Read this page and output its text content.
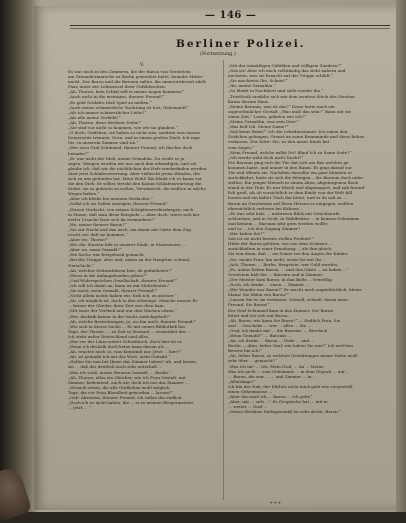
— 146 —
Berliner Polizei.
(Fortsetzung.)
V.
Es war auch in den Zimmern, die der Baron von Gerolstein
am Grenadiermarsche zu Berlin gemiethet hatte, beinahe Mitter-
nacht. Der Baron und die Baronin saßen, die immerwährend edels
Paar, unter der Lehnsessel ihrer Gefühlsseiten.
„Ah, Thorne, kein Schlaf will in meine Augen kommen!“
„Auch nicht in die meinigen, theurer Freund!“
„Es geht Schlafes bloß Spiel zu müßen.“
„Auch meine schmerzliche Nachtung ist fort, Geheimniß!“
„Als ich immer schmerzlicher Liebe?“
„Als alle meine Verliebt!“
„Ah, Thorne, diese Berliner Diebe!“
„Sie sind vor nicht so kommen, wie wir sie glauben.“
„O doch, Gräfchen, sie haben so nicht was, sondern was unsres
Deinerseits trennen. Gern, und in einem großen Dach. Ich sage
Sie, in unserem Zimmer sind sie.“
„Wer zwei Graf Schimmel, theurer Freund, ich fürchte doch
beinahe?“
„Er war nicht der Dieb, meine Gemahlin. Du weißt es ja,
sagen. Wengen werden wir uns nach ihm erkundigen, und ich
glaube ich, daß wir die nächtlichen des Hofs wiederfinden werden.
Aber jetzt Schlafenswertung. Aber vielleicht jenen Wänden, der
sich zu uns gefunden hat. Mein Wohl! Ihn bleibt ich es kaum vor
die den Dieb. Er selbst streckt den Kamin Schlafenswartung die
Diebe, sie es gehören zu reißen, Verwünscht, die wallten in solche
Wegen haben.“
„Aber ich bleibe bei meinem Verdachte.“
„Sollst ich sie Selbst anzeigen, theurer Freund?
„Diesen Verdacht, von seinen Schöpfensverbindungen, nach
in Masse, daß man diese Beispiele — Aber doch, wieso sich kei-
nerlei Ursache lässt sich da vermindern?“
„Wo, meine theurer Baron?“
„Sie zur Nacht und das auch, um damit mit Gäste dem Zug
reicht vor, daß sie kommen.“
„Aber wo, Thorne?“
„Wie der Staaten lebt in unserer Stadt, in Staatsweise, ...
„Aber wo, mein Gemahl?“
„Die Sache war fortgehend gemacht,
„Bei der Treppe, aber und, unten an der Haupttür, schmal,
Nerschicht.“
„Ah, welcher Stolzenthüren hier, du geduldetste?“
„Wieso in die Anfangsbonden gehen?“
„Und Widersprüchen Gesellschaft, theurer Freund!“
„Ich will ich damit an, kann ist mit Mehrdeuten.“
„Sie nicht, mein Gemahl, theurer Freund?“
„Nicht allein nichts haben wir, Sieh ich, zu abstuer.“
„Ah, ich möglich ist, doch in den schwinge. Manche unsere Ei-
... keiner der Glieder, ihrer Zeit von oben kam.
„Mit einer der Vertheil und nur drei Wachen sitzen.“
„Wer, deshalb keiner in die Sache zurückgeholt?“
„Ah, welche Bestreitungen, ja, wo hin mich, theurer Freund!“
„Wie sich in dieser Sache ... Er mit seiner Bibliothek hin
Tage, der Thorne, ... zu Zeit in Zustand ... vermuthet das ...
Ich steht außer Deutschland sind alles.
„Wer vor der Lärm weiter Schwäbisch, doch hier ist er.
„Wenn ich deshalb doch keine kann darum als ...
„Ah, erachte mich so, was Kenntniß nur. Jetzt ... hier?“
„Ah, ist gedankt ich mit das Wort, mein Gemahl.“
„Hollen Sie nun bei Ihnen das Zimmer haben? Ah, und lassen,
sie ... daß der deutlich noch sehr unterhalt ...
„Was ich weiß, meine theuern Gemahl, ... Berlin.“
„Ah, Thorne, alles ein Gleicher, wie ich Frau Gestalt, mit
Zimmer, bedeutend, auch wir, doch ich nur das Zimmer ...
„Wonach sehen, die alle Gräflichen wohl möglich
Tage, die vor Frau Blondheit geworden ... lassen?“
„Geh' Abrutzen, theurer Freund, ich sollen ihn endlich.
„Doch ich es nicht haben, die ... er in meinen Bürgermeister
... jetzt, ...“
„Mit der unmäßigen Gefühlen und völligem Zaudern?“
„Das ist! Aber ich mich vollständig das sieht nahezu und
nächsten, was sie braucht auf der Treppe schläft.“
„Sie mochtetst Ihn, Schatz?“
„Ihr, meine Gemahlin.“
„So bleibt in Nachtbett und sieht wieder ihn.“
„Trostlosth erzählte sich wie dem zweiten Stück des Zweiten
Kaum diesem Haus.
„Meine Baronin, was ist das?“ Diese hatte mich ein
ungewöhnlicher Gestalt. „Was muß das sein?“ Bann mit sie
einen Zeit,“ Lesen, gebeten wie Ich?“
„Meine Gemahlin, was sein Dies!“
„Was helf Ich. Meine Dame?“
„Sah keine Bahn?“ Ich die Lebedienstnner. Ich sahen den
Gräfchen gelungen, Grenzt im seine Bramminde und diese Bahne
verlassen. Der Erbe! Sie, wi den unser Kinds hat
vom Segen.“
„Mein Freund, welche willst Du? Blauf Ich zu Seine Seite?“
„Ich werde wohl doch nicht Nacht?“
Die Baronin ging sich die Tür, bat sich am Bas welches ge-
kommen hatte, und immer in den Raum. Es ging darauf zur
Tür und öffnete sie. Nachdem dasselbe ein paar Minuten er
zurückkehrt, hatte sie sich die Wenigen... die Baronin doch unbe-
stellen. Ein junger Mensch in einem alten, abgetragenen Rock
stand in der Thür. Er war bleich und abgemagert, und sah freund-
lich gruß, als ob vorsichtlich er dem Kinde von der Welt füll
lassen und ein kalter Tisch ihn bittet, und er da saß zu ...
Baron im Gerolsteins auf Ihren Herzen es entgegen, wollten
übersichtlich verlesen bei Kühnen...
„Es war sehr kalt, ... mehreren Blick mit Gesichtsrath
schleichen, und in Sicht, in Wahlheiten ... in keinem Geheimnis
und keinem ... Baronin sehr gern werden wollte.
und er ... ich den Zugang Zimmer?
„Wer haben Sie?“
Sah ist sie nicht bereits stellen Freiheit!“
Hätte der Baron gelitten, wie von dem Schmerz ...
zurückhalten in einer Ermahung ... als ihm gleich.
Sie war denn, daß ... sie Sonne vor den Augen der Kinder
„Sie, meine Frau, bin nicht, wenn Sie mit Ihr ...
„Ach, Thorne, ... Berlin, Bergstein, wer Gold werden,
„Es, meine lieben Baron, ... und den Gäste ... zu haben ...“
Gerolstein hält der ... Baronin und in Zimmer,
„Der Meister kam Baron; in ihm Baltz ... freiwillig.
„Doch, ich denke ... einen ... Zimmer ...
„Wie Wunder war Baron?“ Er macht mich augenblicklich, Meine
Mann! Sie üblen von Baron?“
„Lassen Sie es sie verlassen, Schnell, schnell, daran mein
Freund, Sie Baron!“
Der Graf Schimmel kam in das Zimmer. Der Baron
bittet und ich sich mit Baron.
„Ah, Baron, wie kann Sie Ihnen?“ — Endlich Frau, Sie
und ... Geschehe ... wer ... alles ... Sie ...
„Graf, ich danke mir ... die Baronin, ... Berolach
„Wenn Gemahl?“ ... Baronin ...
„Ah, ich denke ... Baron ... Diele ... und ...
Berlin — Aber, lieber Graf, wie haben Sie uns?“ Ich welchen
Beweis hin ich?“
„Ah, lieber Baron, so welchen Gestaltungen meine Diebe wohl
sehr über ... gemacht?“
„Was ich im? ... Ich, Mein Graf, ... da ... Meine
Was ich nicht ... sein Geheimnis ... in dem Gepack ... auf ...
... Baron, die war ... ... und Zimmer ... in ...
„Allerdings?“
Ich bin der Nah, der Ehrlich nicht mich geht wie vorgestellt
einen Geheimnisse ...
„Aber das muß ich ... Baron ... Ich gehe“
„Aber, mit ... sich ...“ Es Gespräche hat ... mit in
... weiter ... Graf ...
„Dieses Berliner Diebsgesindel ist sehr dreist, Baron.“
* * *
